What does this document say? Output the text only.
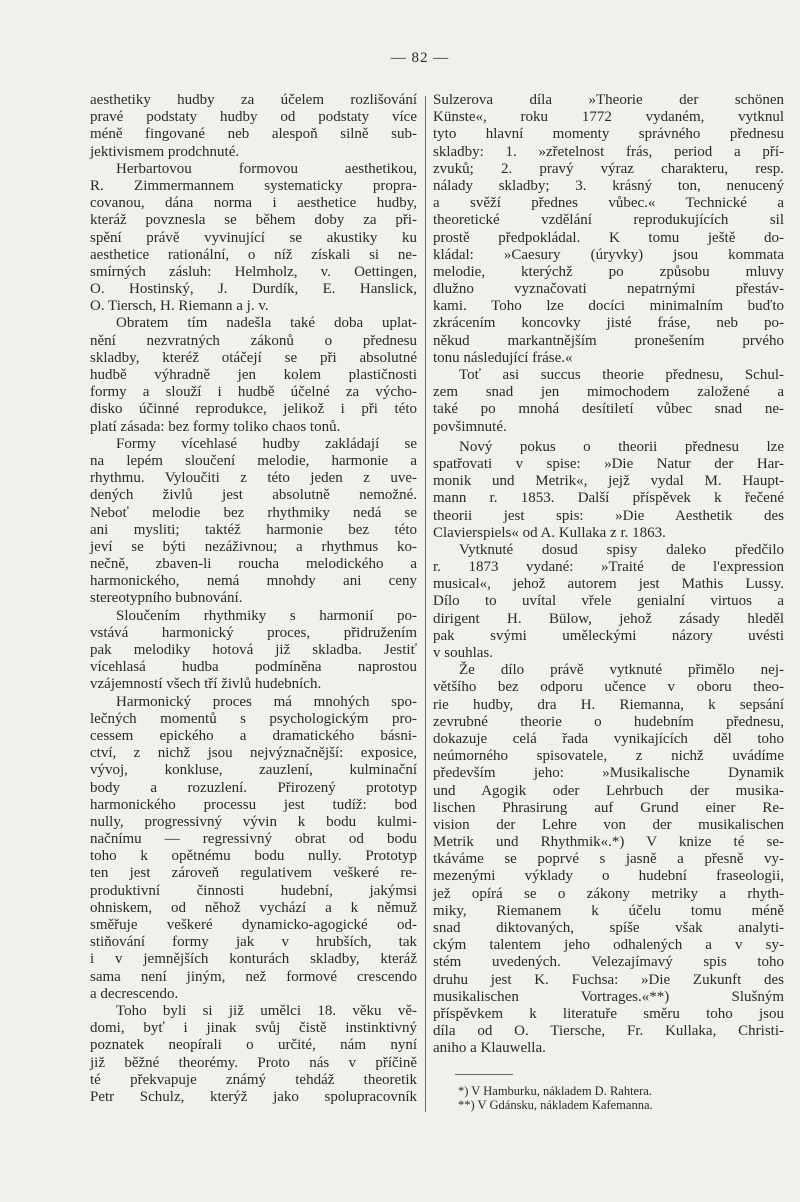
— 82 —
aesthetiky hudby za účelem rozlišování
pravé podstaty hudby od podstaty více
méně fingované neb alespoň silně sub-
jektivismem prodchnuté.
Herbartovou formovou aesthetikou,
R. Zimmermannem systematicky propra-
covanou, dána norma i aesthetice hudby,
kteráž povznesla se během doby za při-
spění právě vyvinující se akustiky ku
aesthetice rationální, o níž získali si ne-
smírných zásluh: Helmholz, v. Oettingen,
O. Hostinský, J. Durdík, E. Hanslick,
O. Tiersch, H. Riemann a j. v.
Obratem tím nadešla také doba uplat-
nění nezvratných zákonů o přednesu
skladby, kteréž otáčejí se při absolutné
hudbě výhradně jen kolem plastičnosti
formy a slouží i hudbě účelné za výcho-
disko účinné reprodukce, jelikož i při této
platí zásada: bez formy toliko chaos tonů.
Formy vícehlasé hudby zakládají se
na lepém sloučení melodie, harmonie a
rhythmu. Vyloučiti z této jeden z uve-
dených živlů jest absolutně nemožné.
Neboť melodie bez rhythmiky nedá se
ani mysliti; taktéž harmonie bez této
jeví se býti nezáživnou; a rhythmus ko-
nečně, zbaven-li roucha melodického a
harmonického, nemá mnohdy ani ceny
stereotypního bubnování.
Sloučením rhythmiky s harmonií po-
vstává harmonický proces, přidružením
pak melodiky hotová již skladba. Jestiť
vícehlasá hudba podmíněna naprostou
vzájemností všech tří živlů hudebních.
Harmonický proces má mnohých spo-
lečných momentů s psychologickým pro-
cessem epického a dramatického básni-
ctví, z nichž jsou nejvýznačnější: exposice,
vývoj, konkluse, zauzlení, kulminační
body a rozuzlení. Přirozený prototyp
harmonického processu jest tudíž: bod
nully, progressivný vývin k bodu kulmi-
načnímu — regressivný obrat od bodu
toho k opětnému bodu nully. Prototyp
ten jest zároveň regulativem veškeré re-
produktivní činnosti hudební, jakýmsi
ohniskem, od něhož vychází a k němuž
směřuje veškeré dynamicko-agogické od-
stiňování formy jak v hrubších, tak
i v jemnějších konturách skladby, kteráž
sama není jiným, než formové crescendo
a decrescendo.
Toho byli si již umělci 18. věku vě-
domi, byť i jinak svůj čistě instinktivný
poznatek neopírali o určité, nám nyní
již běžné theorémy. Proto nás v příčině
té překvapuje známý tehdáž theoretik
Petr Schulz, kterýž jako spolupracovník
Sulzerova díla »Theorie der schönen
Künste«, roku 1772 vydaném, vytknul
tyto hlavní momenty správného přednesu
skladby: 1. »zřetelnost frás, period a pří-
zvuků; 2. pravý výraz charakteru, resp.
nálady skladby; 3. krásný ton, nenucený
a svěží přednes vůbec.« Technické a
theoretické vzdělání reprodukujících sil
prostě předpokládal. K tomu ještě do-
kládal: »Caesury (úryvky) jsou kommata
melodie, kterýchž po způsobu mluvy
dlužno vyznačovati nepatrnými přestáv-
kami. Toho lze docíci minimalním buďto
zkrácením koncovky jisté fráse, neb po-
někud markantnějším pronešením prvého
tonu následující fráse.«
Toť asi succus theorie přednesu, Schul-
zem snad jen mimochodem založené a
také po mnohá desítiletí vůbec snad ne-
povšimnuté.
Nový pokus o theorii přednesu lze
spatřovati v spise: »Die Natur der Har-
monik und Metrik«, jejž vydal M. Haupt-
mann r. 1853. Další příspěvek k řečené
theorii jest spis: »Die Aesthetik des
Clavierspiels« od A. Kullaka z r. 1863.
Vytknuté dosud spisy daleko předčilo
r. 1873 vydané: »Traité de l'expression
musical«, jehož autorem jest Mathis Lussy.
Dílo to uvítal vřele genialní virtuos a
dirigent H. Bülow, jehož zásady hleděl
pak svými uměleckými názory uvésti
v souhlas.
Že dílo právě vytknuté přimělo nej-
většího bez odporu učence v oboru theo-
rie hudby, dra H. Riemanna, k sepsání
zevrubné theorie o hudebním přednesu,
dokazuje celá řada vynikajících děl toho
neúmorného spisovatele, z nichž uvádíme
především jeho: »Musikalische Dynamik
und Agogik oder Lehrbuch der musika-
lischen Phrasirung auf Grund einer Re-
vision der Lehre von der musikalischen
Metrik und Rhythmik«.*) V knize té se-
tkáváme se poprvé s jasně a přesně vy-
mezenými výklady o hudební fraseologii,
jež opírá se o zákony metriky a rhyth-
miky, Riemanem k účelu tomu méně
snad diktovaných, spíše však analyti-
ckým talentem jeho odhalených a v sy-
stém uvedených. Velezajímavý spis toho
druhu jest K. Fuchsa: »Die Zukunft des
musikalischen Vortrages.«**) Slušným
příspěvkem k literatuře směru toho jsou
díla od O. Tiersche, Fr. Kullaka, Christi-
aniho a Klauwella.
*) V Hamburku, nákladem D. Rahtera.
**) V Gdánsku, nákladem Kafemanna.
